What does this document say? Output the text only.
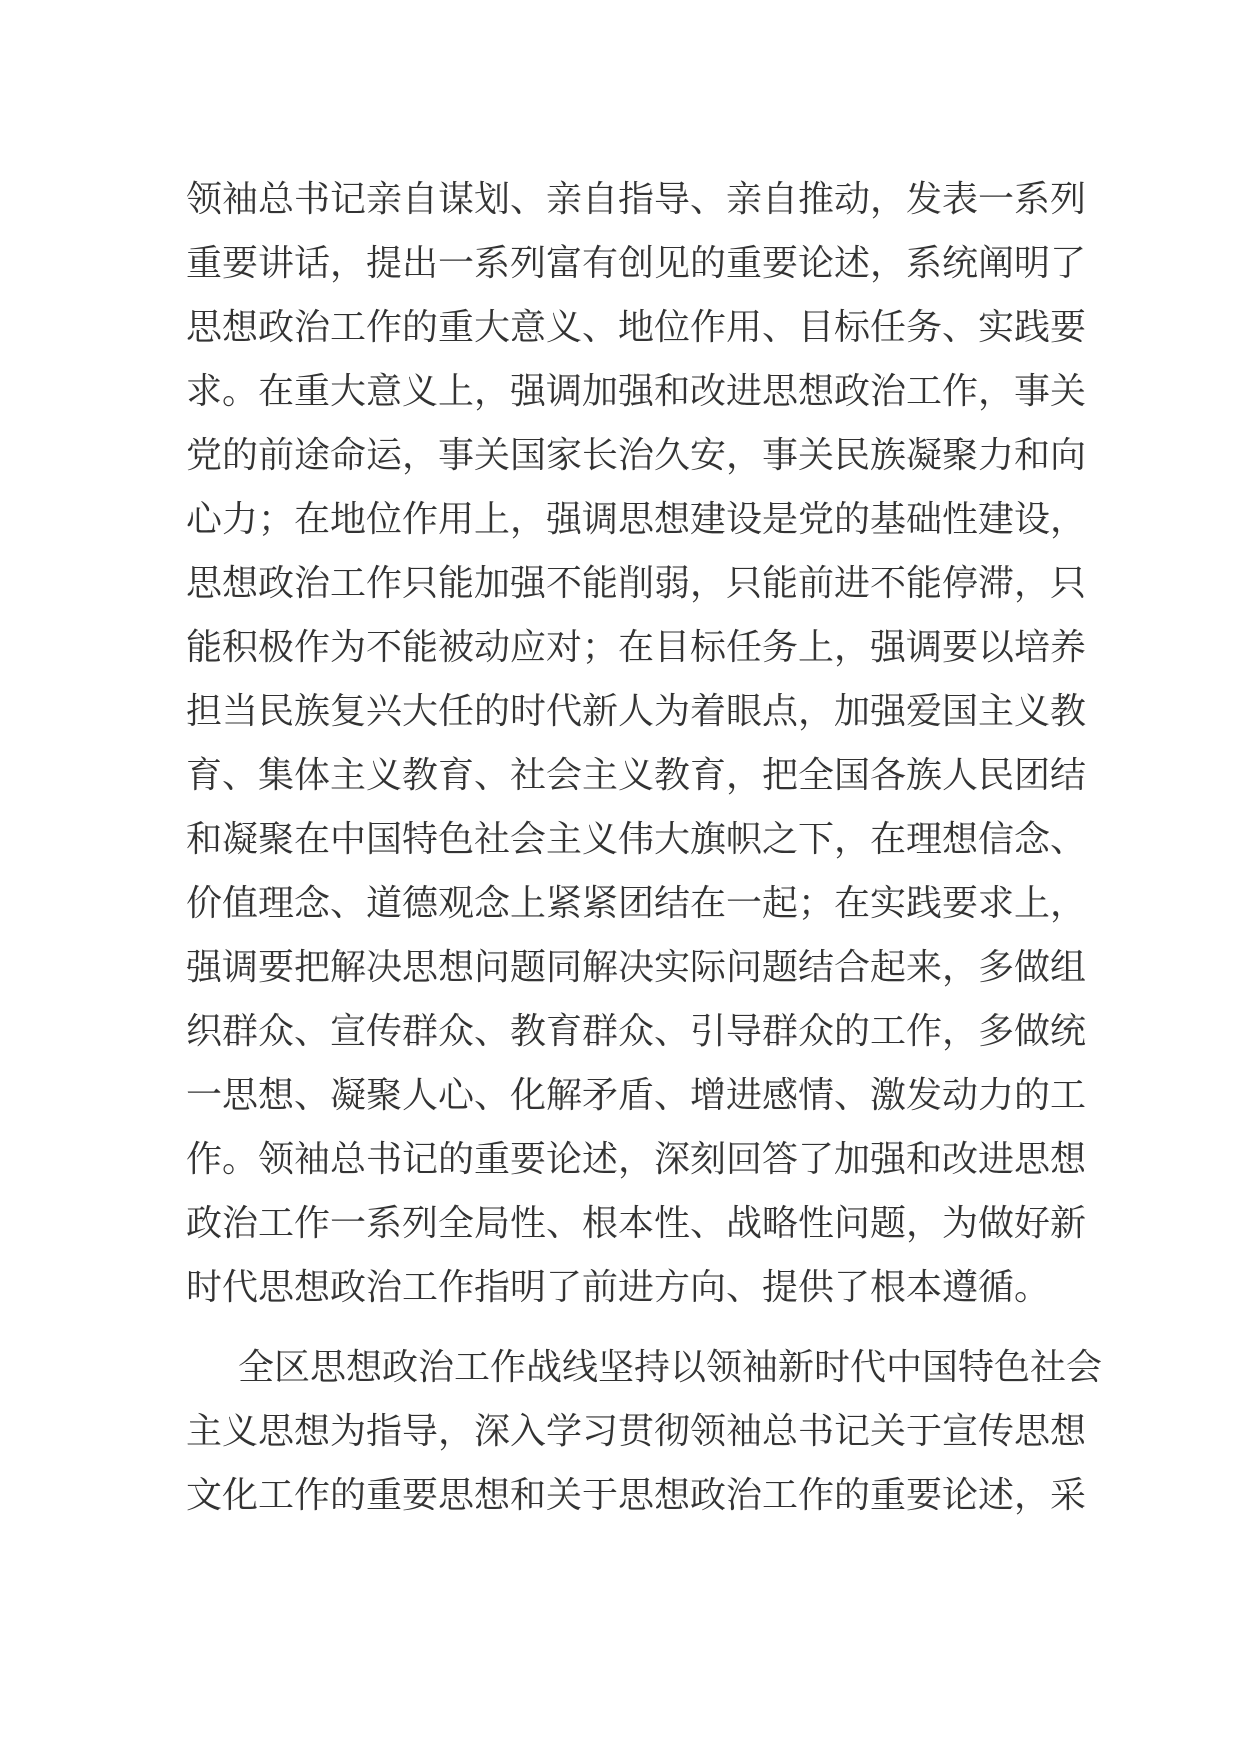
领袖总书记亲自谋划、亲自指导、亲自推动，发表一系列
重要讲话，提出一系列富有创见的重要论述，系统阐明了
思想政治工作的重大意义、地位作用、目标任务、实践要
求。在重大意义上，强调加强和改进思想政治工作，事关
党的前途命运，事关国家长治久安，事关民族凝聚力和向
心力；在地位作用上，强调思想建设是党的基础性建设，
思想政治工作只能加强不能削弱，只能前进不能停滞，只
能积极作为不能被动应对；在目标任务上，强调要以培养
担当民族复兴大任的时代新人为着眼点，加强爱国主义教
育、集体主义教育、社会主义教育，把全国各族人民团结
和凝聚在中国特色社会主义伟大旗帜之下，在理想信念、
价值理念、道德观念上紧紧团结在一起；在实践要求上，
强调要把解决思想问题同解决实际问题结合起来，多做组
织群众、宣传群众、教育群众、引导群众的工作，多做统
一思想、凝聚人心、化解矛盾、增进感情、激发动力的工
作。领袖总书记的重要论述，深刻回答了加强和改进思想
政治工作一系列全局性、根本性、战略性问题，为做好新
时代思想政治工作指明了前进方向、提供了根本遵循。
全区思想政治工作战线坚持以领袖新时代中国特色社会
主义思想为指导，深入学习贯彻领袖总书记关于宣传思想
文化工作的重要思想和关于思想政治工作的重要论述，采
